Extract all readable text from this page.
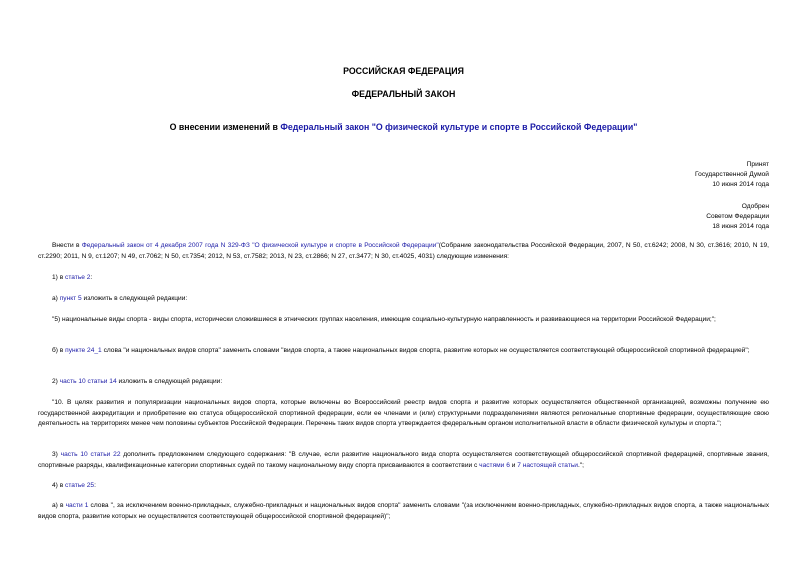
РОССИЙСКАЯ ФЕДЕРАЦИЯ
ФЕДЕРАЛЬНЫЙ ЗАКОН
О внесении изменений в Федеральный закон "О физической культуре и спорте в Российской Федерации"
Принят
Государственной Думой
10 июня 2014 года
Одобрен
Советом Федерации
18 июня 2014 года
Внести в Федеральный закон от 4 декабря 2007 года N 329-ФЗ "О физической культуре и спорте в Российской Федерации"(Собрание законодательства Российской Федерации, 2007, N 50, ст.6242; 2008, N 30, ст.3616; 2010, N 19, ст.2290; 2011, N 9, ст.1207; N 49, ст.7062; N 50, ст.7354; 2012, N 53, ст.7582; 2013, N 23, ст.2866; N 27, ст.3477; N 30, ст.4025, 4031) следующие изменения:
1) в статье 2:
а) пункт 5 изложить в следующей редакции:
"5) национальные виды спорта - виды спорта, исторически сложившиеся в этнических группах населения, имеющие социально-культурную направленность и развивающиеся на территории Российской Федерации;";
б) в пункте 24_1 слова "и национальных видов спорта" заменить словами "видов спорта, а также национальных видов спорта, развитие которых не осуществляется соответствующей общероссийской спортивной федерацией";
2) часть 10 статьи 14 изложить в следующей редакции:
"10. В целях развития и популяризации национальных видов спорта, которые включены во Всероссийский реестр видов спорта и развитие которых осуществляется общественной организацией, возможны получение ею государственной аккредитации и приобретение ею статуса общероссийской спортивной федерации, если ее членами и (или) структурными подразделениями являются региональные спортивные федерации, осуществляющие свою деятельность на территориях менее чем половины субъектов Российской Федерации. Перечень таких видов спорта утверждается федеральным органом исполнительной власти в области физической культуры и спорта.";
3) часть 10 статьи 22 дополнить предложением следующего содержания: "В случае, если развитие национального вида спорта осуществляется соответствующей общероссийской спортивной федерацией, спортивные звания, спортивные разряды, квалификационные категории спортивных судей по такому национальному виду спорта присваиваются в соответствии с частями 6 и 7 настоящей статьи.";
4) в статье 25:
а) в части 1 слова ", за исключением военно-прикладных, служебно-прикладных и национальных видов спорта" заменить словами "(за исключением военно-прикладных, служебно-прикладных видов спорта, а также национальных видов спорта, развитие которых не осуществляется соответствующей общероссийской спортивной федерацией)";
